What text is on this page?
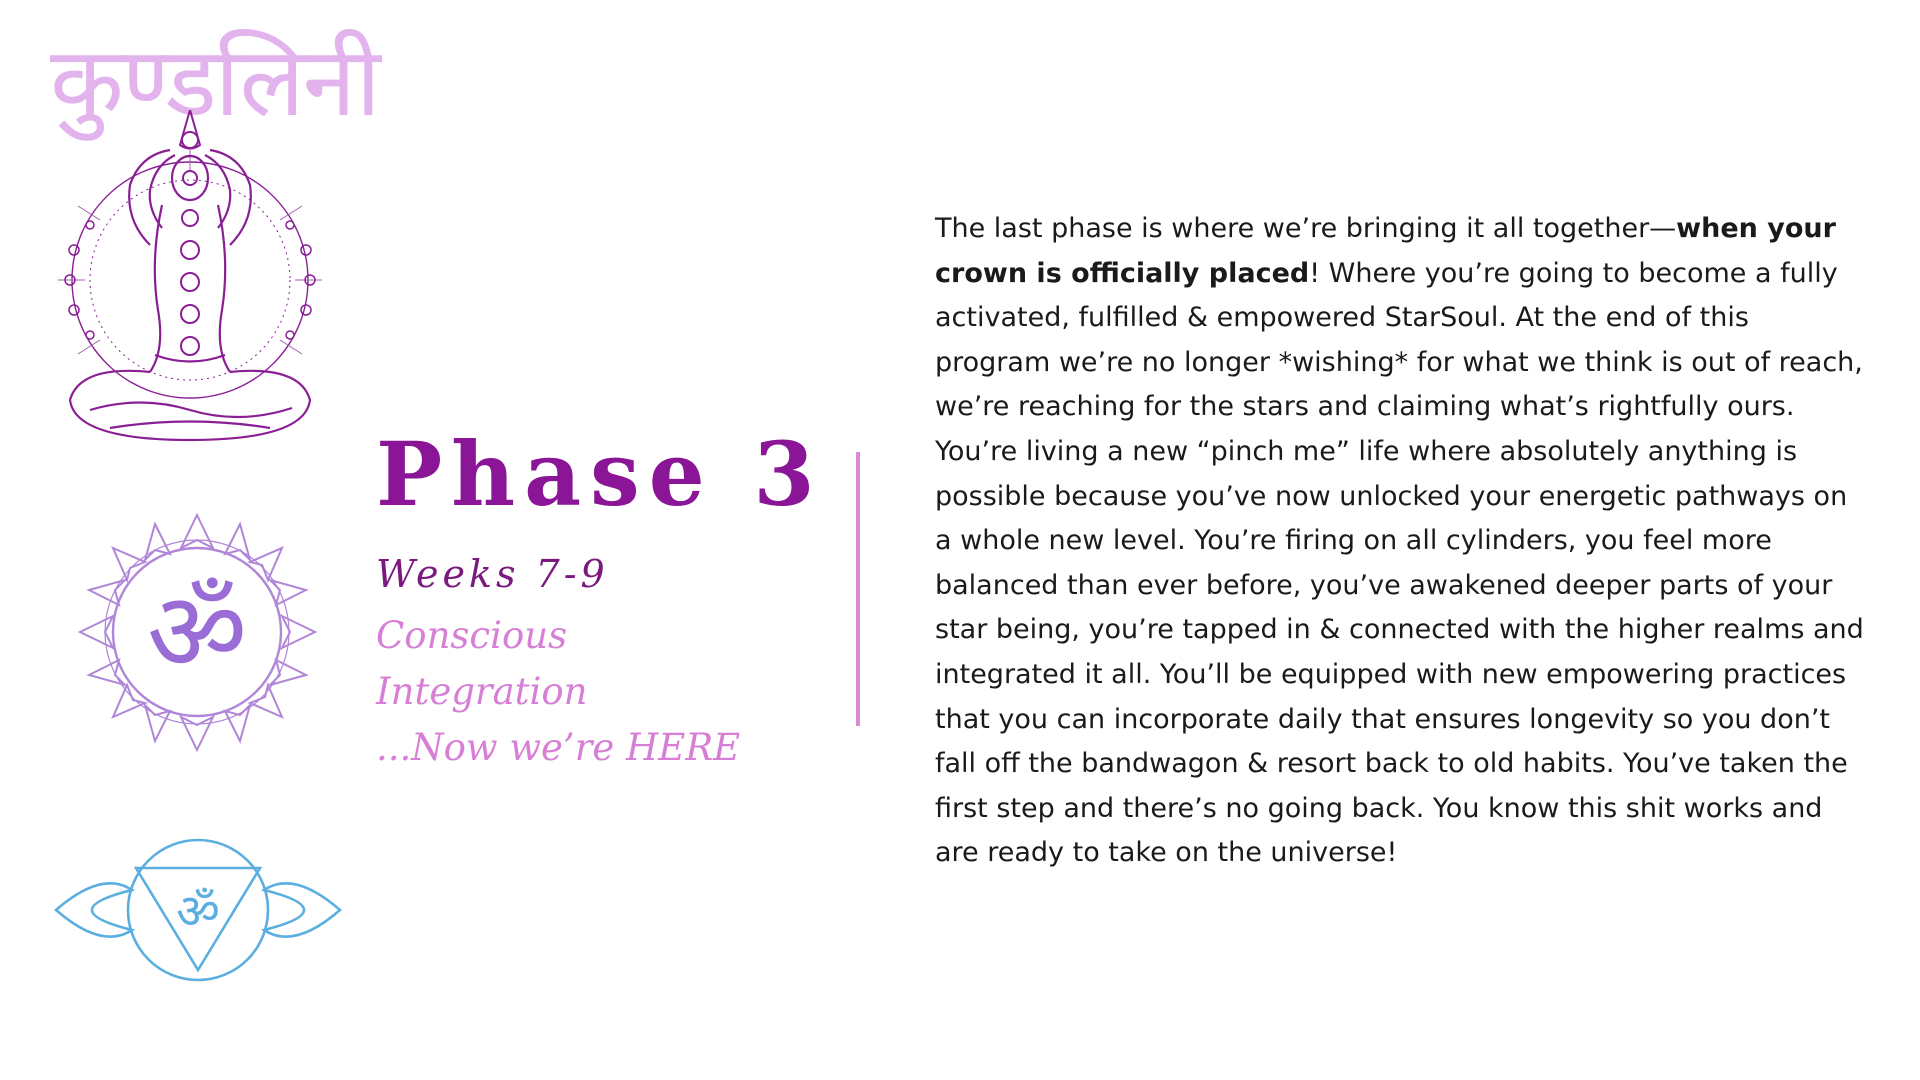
कुण्डलिनी
ॐ
ॐ
Phase 3
Weeks 7-9
Conscious
Integration
...Now we’re HERE

The last phase is where we’re bringing it all together—when your crown is officially placed! Where you’re going to become a fully activated, fulfilled & empowered StarSoul. At the end of this program we’re no longer *wishing* for what we think is out of reach, we’re reaching for the stars and claiming what’s rightfully ours. You’re living a new “pinch me” life where absolutely anything is possible because you’ve now unlocked your energetic pathways on a whole new level. You’re firing on all cylinders, you feel more balanced than ever before, you’ve awakened deeper parts of your star being, you’re tapped in & connected with the higher realms and integrated it all. You’ll be equipped with new empowering practices that you can incorporate daily that ensures longevity so you don’t fall off the bandwagon & resort back to old habits. You’ve taken the first step and there’s no going back. You know this shit works and are ready to take on the universe!
